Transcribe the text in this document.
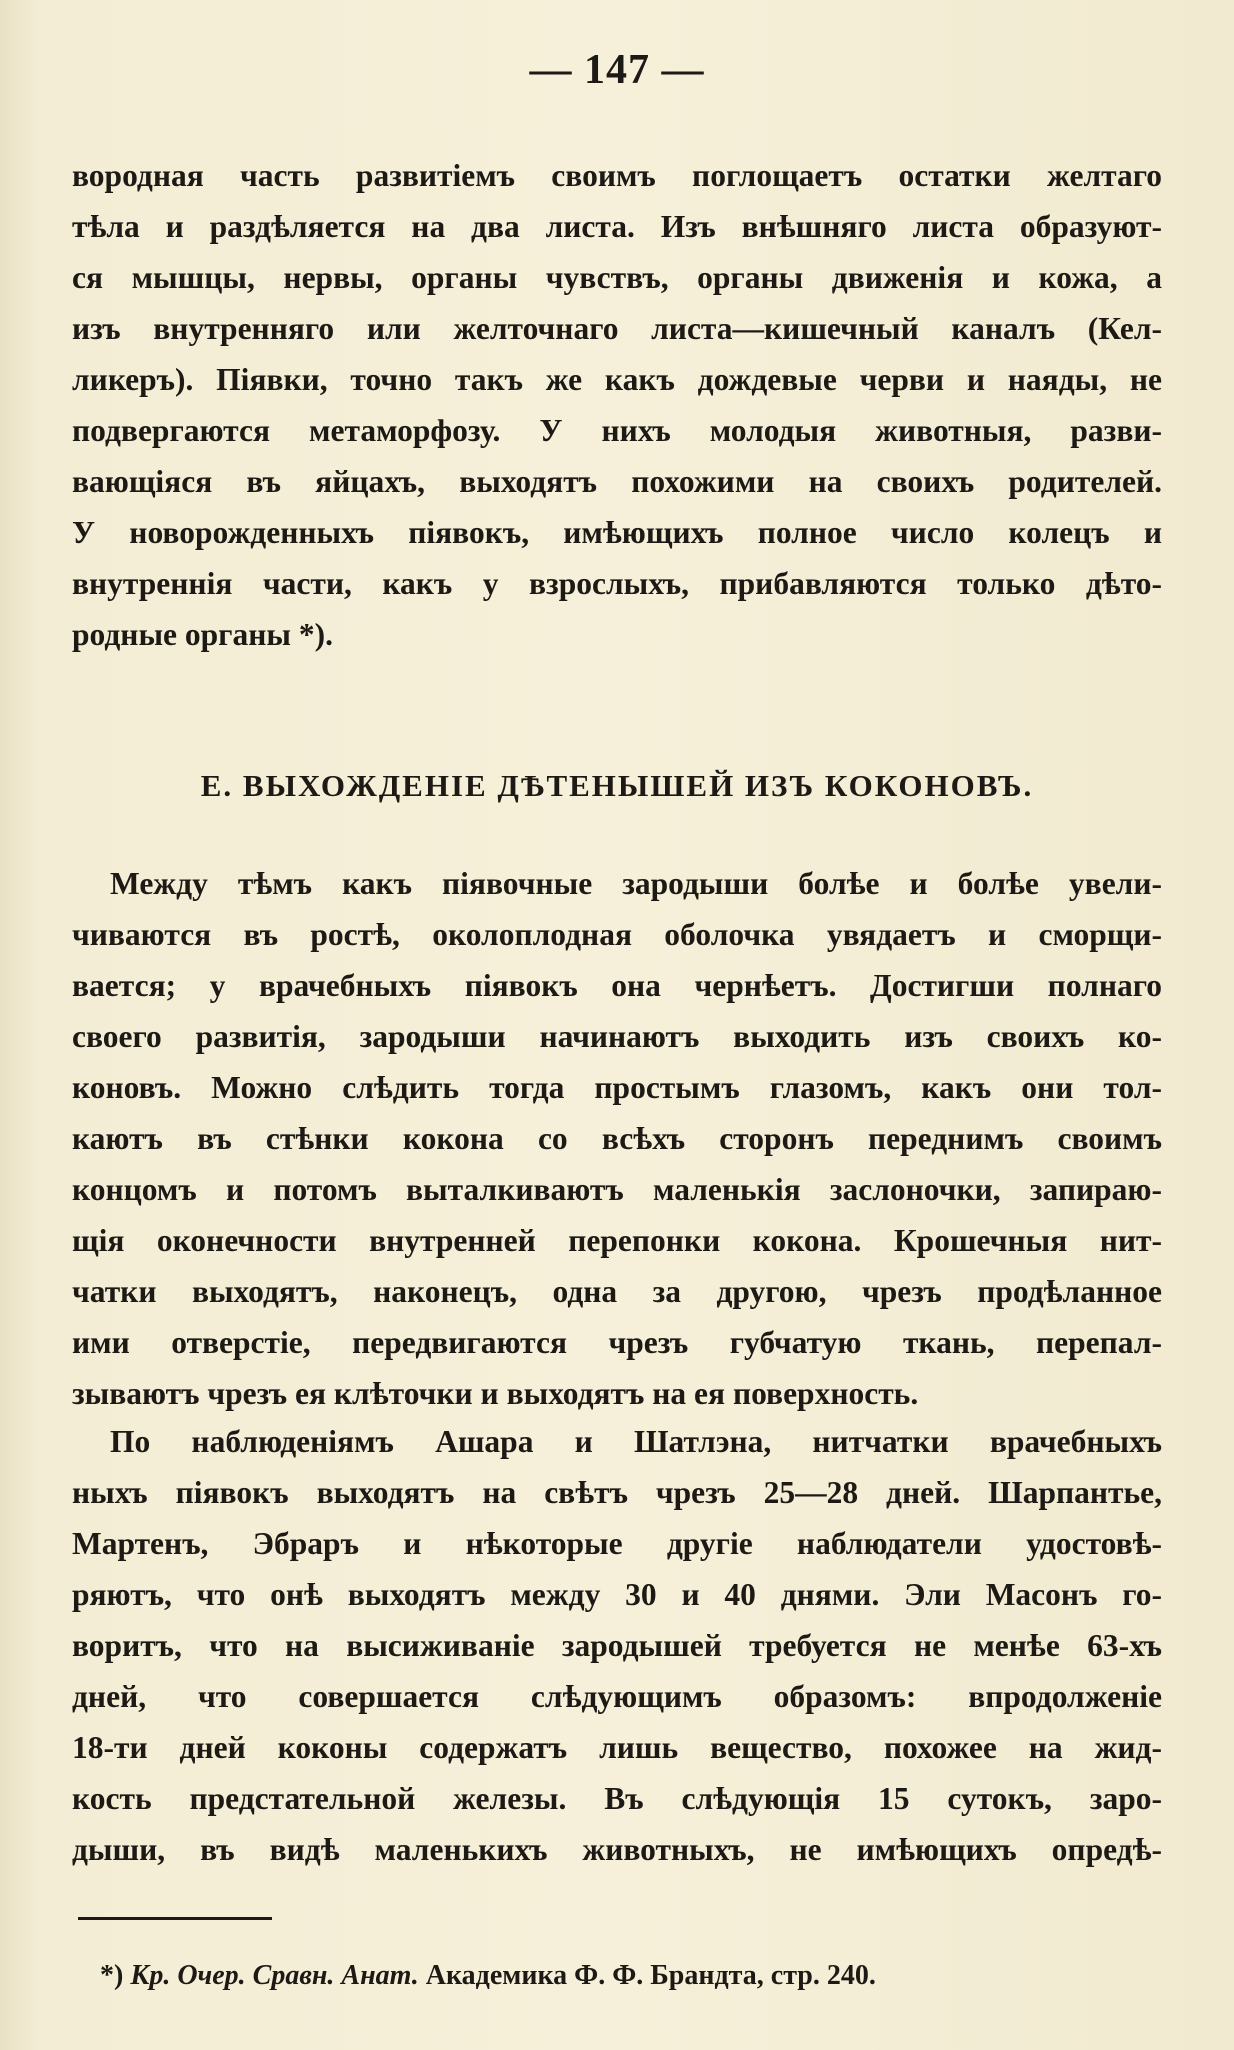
— 147 —
вородная часть развитіемъ своимъ поглощаетъ остатки желтаго
тѣла и раздѣляется на два листа. Изъ внѣшняго листа образуют-
ся мышцы, нервы, органы чувствъ, органы движенія и кожа, а
изъ внутренняго или желточнаго листа—кишечный каналъ (Кел-
ликеръ). Піявки, точно такъ же какъ дождевые черви и наяды, не
подвергаются метаморфозу. У нихъ молодыя животныя, разви-
вающіяся въ яйцахъ, выходятъ похожими на своихъ родителей.
У новорожденныхъ піявокъ, имѣющихъ полное число колецъ и
внутреннія части, какъ у взрослыхъ, прибавляются только дѣто-
родные органы *).
E. ВЫХОЖДЕНІЕ ДѢТЕНЫШЕЙ ИЗЪ КОКОНОВЪ.
Между тѣмъ какъ піявочные зародыши болѣе и болѣе увели-
чиваются въ ростѣ, околоплодная оболочка увядаетъ и сморщи-
вается; у врачебныхъ піявокъ она чернѣетъ. Достигши полнаго
своего развитія, зародыши начинаютъ выходить изъ своихъ ко-
коновъ. Можно слѣдить тогда простымъ глазомъ, какъ они тол-
каютъ въ стѣнки кокона со всѣхъ сторонъ переднимъ своимъ
концомъ и потомъ выталкиваютъ маленькія заслоночки, запираю-
щія оконечности внутренней перепонки кокона. Крошечныя нит-
чатки выходятъ, наконецъ, одна за другою, чрезъ продѣланное
ими отверстіе, передвигаются чрезъ губчатую ткань, перепал-
зываютъ чрезъ ея клѣточки и выходятъ на ея поверхность.
По наблюденіямъ Ашара и Шатлэна, нитчатки врачебныхъ
ныхъ піявокъ выходятъ на свѣтъ чрезъ 25—28 дней. Шарпантье,
Мартенъ, Эбраръ и нѣкоторые другіе наблюдатели удостовѣ-
ряютъ, что онѣ выходятъ между 30 и 40 днями. Эли Масонъ го-
воритъ, что на высиживаніе зародышей требуется не менѣе 63-хъ
дней, что совершается слѣдующимъ образомъ: впродолженіе
18-ти дней коконы содержатъ лишь вещество, похожее на жид-
кость предстательной железы. Въ слѣдующія 15 сутокъ, заро-
дыши, въ видѣ маленькихъ животныхъ, не имѣющихъ опредѣ-
*) Кр. Очер. Сравн. Анат. Академика Ф. Ф. Брандта, стр. 240.
